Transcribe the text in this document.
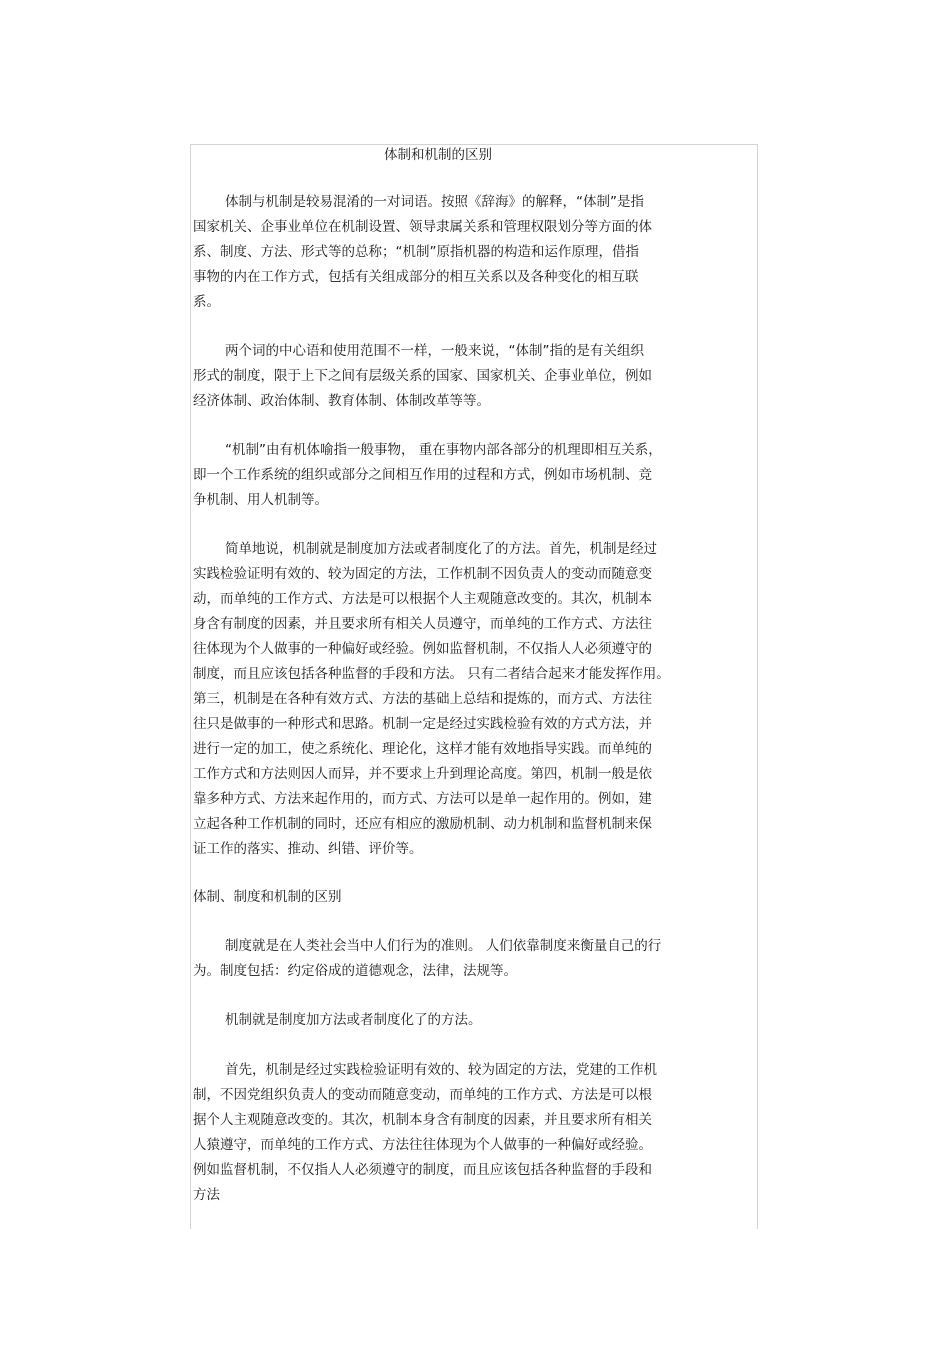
体制和机制的区别
体制与机制是较易混淆的一对词语。按照《辞海》的解释，“体制”是指
国家机关、企事业单位在机制设置、领导隶属关系和管理权限划分等方面的体
系、制度、方法、形式等的总称；“机制”原指机器的构造和运作原理，借指
事物的内在工作方式，包括有关组成部分的相互关系以及各种变化的相互联
系。
两个词的中心语和使用范围不一样，一般来说，“体制”指的是有关组织
形式的制度，限于上下之间有层级关系的国家、国家机关、企事业单位，例如
经济体制、政治体制、教育体制、体制改革等等。
“机制”由有机体喻指一般事物， 重在事物内部各部分的机理即相互关系，
即一个工作系统的组织或部分之间相互作用的过程和方式，例如市场机制、竞
争机制、用人机制等。
简单地说，机制就是制度加方法或者制度化了的方法。首先，机制是经过
实践检验证明有效的、较为固定的方法，工作机制不因负责人的变动而随意变
动，而单纯的工作方式、方法是可以根据个人主观随意改变的。其次，机制本
身含有制度的因素，并且要求所有相关人员遵守，而单纯的工作方式、方法往
往体现为个人做事的一种偏好或经验。例如监督机制，不仅指人人必须遵守的
制度，而且应该包括各种监督的手段和方法。 只有二者结合起来才能发挥作用。
第三，机制是在各种有效方式、方法的基础上总结和提炼的，而方式、方法往
往只是做事的一种形式和思路。机制一定是经过实践检验有效的方式方法，并
进行一定的加工，使之系统化、理论化，这样才能有效地指导实践。而单纯的
工作方式和方法则因人而异，并不要求上升到理论高度。第四，机制一般是依
靠多种方式、方法来起作用的，而方式、方法可以是单一起作用的。例如，建
立起各种工作机制的同时，还应有相应的激励机制、动力机制和监督机制来保
证工作的落实、推动、纠错、评价等。
体制、制度和机制的区别
制度就是在人类社会当中人们行为的准则。 人们依靠制度来衡量自己的行
为。制度包括：约定俗成的道德观念，法律，法规等。
机制就是制度加方法或者制度化了的方法。
首先，机制是经过实践检验证明有效的、较为固定的方法，党建的工作机
制，不因党组织负责人的变动而随意变动，而单纯的工作方式、方法是可以根
据个人主观随意改变的。其次，机制本身含有制度的因素，并且要求所有相关
人猿遵守，而单纯的工作方式、方法往往体现为个人做事的一种偏好或经验。
例如监督机制，不仅指人人必须遵守的制度，而且应该包括各种监督的手段和
方法
